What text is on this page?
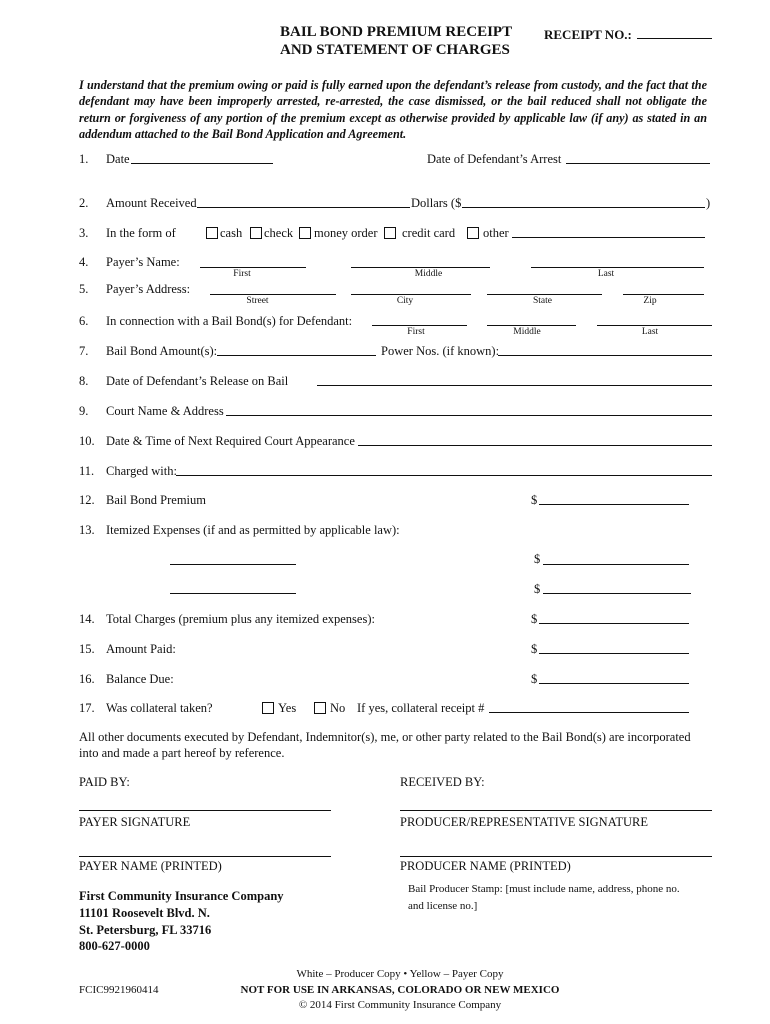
BAIL BOND PREMIUM RECEIPT
AND STATEMENT OF CHARGES
RECEIPT NO.:
I understand that the premium owing or paid is fully earned upon the defendant’s release from custody, and the fact that the defendant may have been improperly arrested, re-arrested, the case dismissed, or the bail reduced shall not obligate the return or forgiveness of any portion of the premium except as otherwise provided by applicable law (if any) as stated in an addendum attached to the Bail Bond Application and Agreement.
1. Date	Date of Defendant’s Arrest
2. Amount Received	Dollars ($	)
3. In the form of	cash check money order credit card other
4. Payer’s Name:
First	Middle	Last
5. Payer’s Address:
Street	City	State	Zip
6. In connection with a Bail Bond(s) for Defendant:
First	Middle	Last
7. Bail Bond Amount(s):	Power Nos. (if known):
8. Date of Defendant’s Release on Bail
9. Court Name & Address
10. Date & Time of Next Required Court Appearance
11. Charged with:
12. Bail Bond Premium	$
13. Itemized Expenses (if and as permitted by applicable law):
$
$
14. Total Charges (premium plus any itemized expenses):	$
15. Amount Paid:	$
16. Balance Due:	$
17. Was collateral taken?	Yes	No If yes, collateral receipt #
All other documents executed by Defendant, Indemnitor(s), me, or other party related to the Bail Bond(s) are incorporated into and made a part hereof by reference.
PAID BY:	RECEIVED BY:
PAYER SIGNATURE	PRODUCER/REPRESENTATIVE SIGNATURE
PAYER NAME (PRINTED)	PRODUCER NAME (PRINTED)
First Community Insurance Company
11101 Roosevelt Blvd. N.
St. Petersburg, FL 33716
800-627-0000
Bail Producer Stamp: [must include name, address, phone no.
and license no.]
White – Producer Copy • Yellow – Payer Copy
NOT FOR USE IN ARKANSAS, COLORADO OR NEW MEXICO
FCIC9921960414
© 2014 First Community Insurance Company
